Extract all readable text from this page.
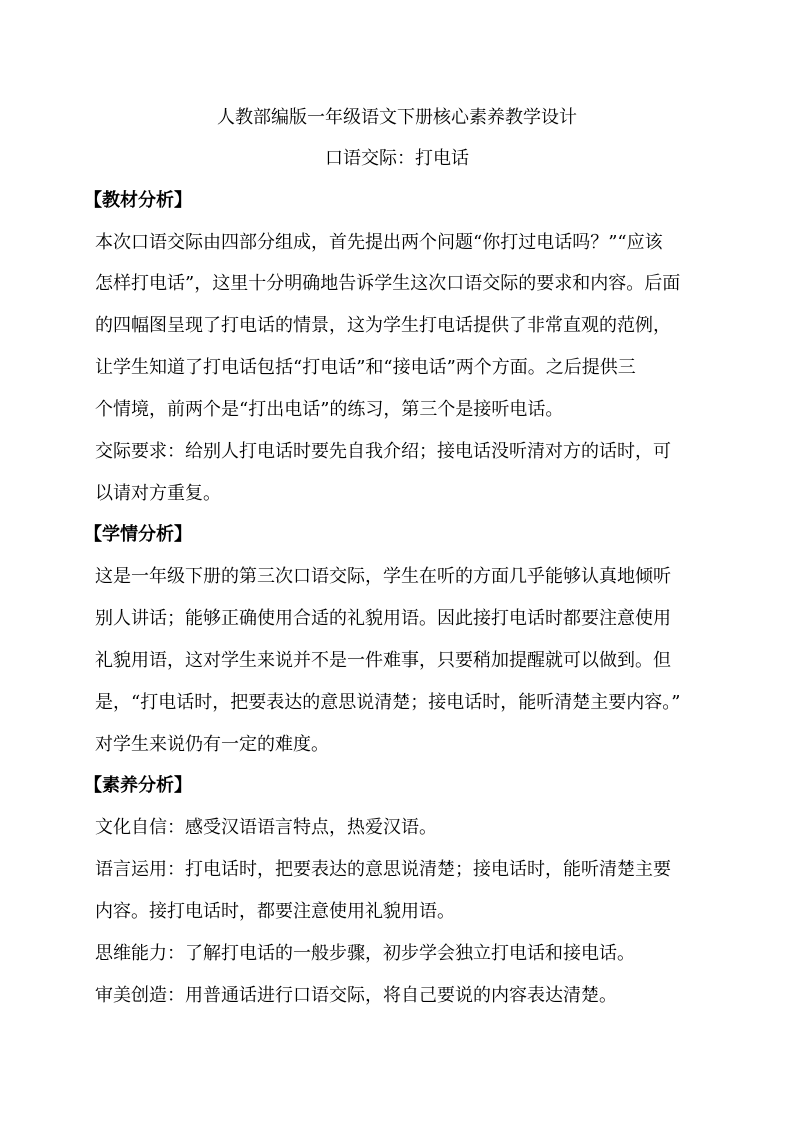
人教部编版一年级语文下册核心素养教学设计
口语交际：打电话
【教材分析】
本次口语交际由四部分组成，首先提出两个问题“你打过电话吗？”“应该
怎样打电话”，这里十分明确地告诉学生这次口语交际的要求和内容。后面
的四幅图呈现了打电话的情景，这为学生打电话提供了非常直观的范例，
让学生知道了打电话包括“打电话”和“接电话”两个方面。之后提供三
个情境，前两个是“打出电话”的练习，第三个是接听电话。
交际要求：给别人打电话时要先自我介绍；接电话没听清对方的话时，可
以请对方重复。
【学情分析】
这是一年级下册的第三次口语交际，学生在听的方面几乎能够认真地倾听
别人讲话；能够正确使用合适的礼貌用语。因此接打电话时都要注意使用
礼貌用语，这对学生来说并不是一件难事，只要稍加提醒就可以做到。但
是，“打电话时，把要表达的意思说清楚；接电话时，能听清楚主要内容。”
对学生来说仍有一定的难度。
【素养分析】
文化自信：感受汉语语言特点，热爱汉语。
语言运用：打电话时，把要表达的意思说清楚；接电话时，能听清楚主要
内容。接打电话时，都要注意使用礼貌用语。
思维能力：了解打电话的一般步骤，初步学会独立打电话和接电话。
审美创造：用普通话进行口语交际，将自己要说的内容表达清楚。
